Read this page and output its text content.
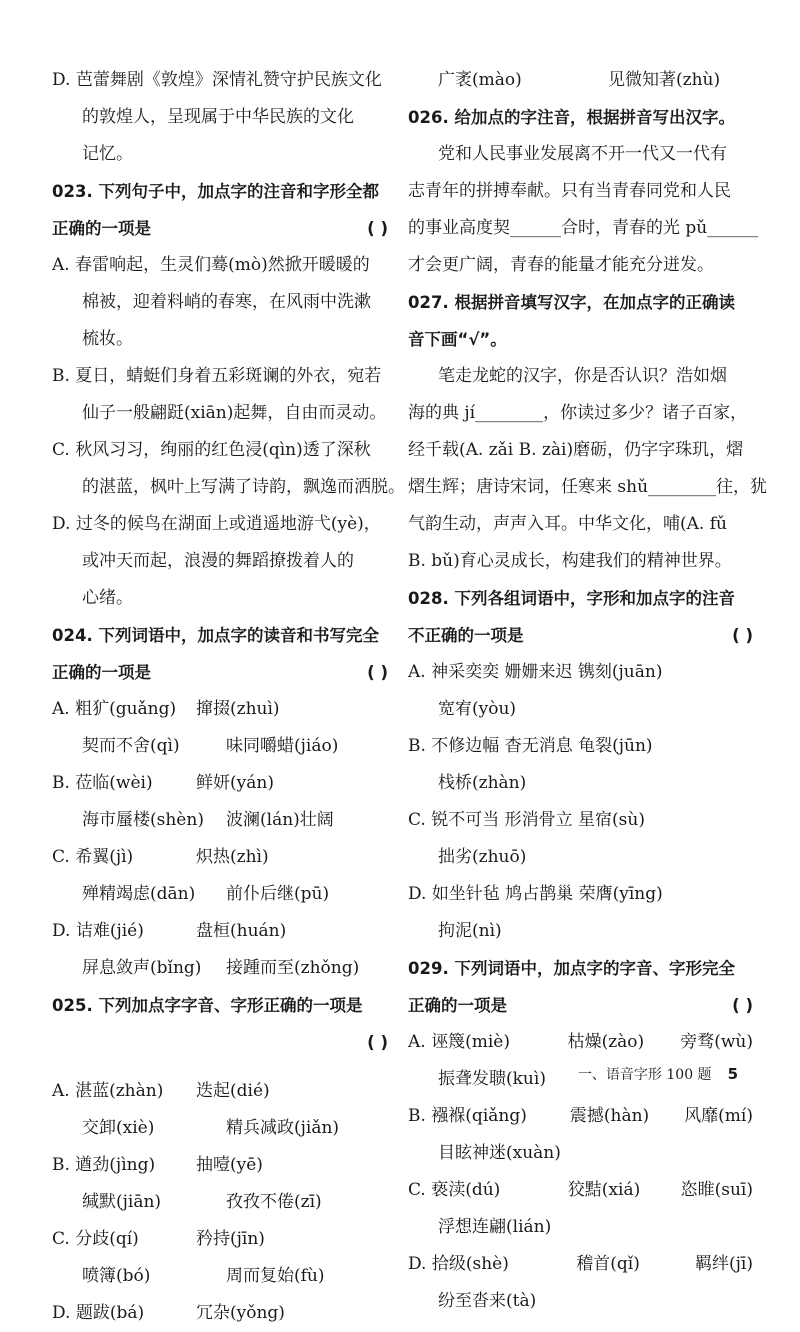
D. 芭蕾舞剧《敦煌》深情礼赞守护民族文化
的敦煌人，呈现属于中华民族的文化
记忆。
023. 下列句子中，加点字的注音和字形全都
正确的一项是	( )
A. 春雷响起，生灵们蓦(mò)然掀开暖暖的
棉被，迎着料峭的春寒，在风雨中洗漱
梳妆。
B. 夏日，蜻蜓们身着五彩斑谰的外衣，宛若
仙子一般翩跹(xiān)起舞，自由而灵动。
C. 秋风习习，绚丽的红色浸(qìn)透了深秋
的湛蓝，枫叶上写满了诗韵，飘逸而洒脱。
D. 过冬的候鸟在湖面上或逍遥地游弋(yè)，
或冲天而起，浪漫的舞蹈撩拨着人的
心绪。
024. 下列词语中，加点字的读音和书写完全
正确的一项是	( )
A. 粗犷(guǎng)	撺掇(zhuì)
契而不舍(qì)	味同嚼蜡(jiáo)
B. 莅临(wèi)	鲜妍(yán)
海市蜃楼(shèn)	波澜(lán)壮阔
C. 希翼(jì)	炽热(zhì)
殚精竭虑(dān)	前仆后继(pū)
D. 诘难(jié)	盘桓(huán)
屏息敛声(bǐng)	接踵而至(zhǒng)
025. 下列加点字字音、字形正确的一项是
( )
A. 湛蓝(zhàn)	迭起(dié)
交卸(xiè)	精兵减政(jiǎn)
B. 遒劲(jìng)	抽噎(yē)
缄默(jiān)	孜孜不倦(zī)
C. 分歧(qí)	矜持(jīn)
喷簿(bó)	周而复始(fù)
D. 题跋(bá)	冗杂(yǒng)
广袤(mào)	见微知著(zhù)
026. 给加点的字注音，根据拼音写出汉字。
党和人民事业发展离不开一代又一代有
志青年的拼搏奉献。只有当青春同党和人民
的事业高度契______合时，青春的光 pǔ______
才会更广阔，青春的能量才能充分迸发。
027. 根据拼音填写汉字，在加点字的正确读
音下画“√”。
笔走龙蛇的汉字，你是否认识？浩如烟
海的典 jí________，你读过多少？诸子百家，
经千载(A. zǎi B. zài)磨砺，仍字字珠玑，熠
熠生辉；唐诗宋词，任寒来 shǔ________往，犹
气韵生动，声声入耳。中华文化，哺(A. fǔ
B. bǔ)育心灵成长，构建我们的精神世界。
028. 下列各组词语中，字形和加点字的注音
不正确的一项是	( )
A. 神采奕奕 姗姗来迟 镌刻(juān)
宽宥(yòu)
B. 不修边幅 杳无消息 龟裂(jūn)
栈桥(zhàn)
C. 锐不可当 形消骨立 星宿(sù)
拙劣(zhuō)
D. 如坐针毡 鸠占鹊巢 荣膺(yīng)
拘泥(nì)
029. 下列词语中，加点字的字音、字形完全
正确的一项是	( )
A. 诬篾(miè)	枯燥(zào)	旁骛(wù)
振聋发聩(kuì)
B. 襁褓(qiǎng)	震撼(hàn)	风靡(mí)
目眩神迷(xuàn)
C. 亵渎(dú)	狡黠(xiá)	恣睢(suī)
浮想连翩(lián)
D. 拾级(shè)	稽首(qǐ)	羁绊(jī)
纷至沓来(tà)
一、语音字形 100 题 5
